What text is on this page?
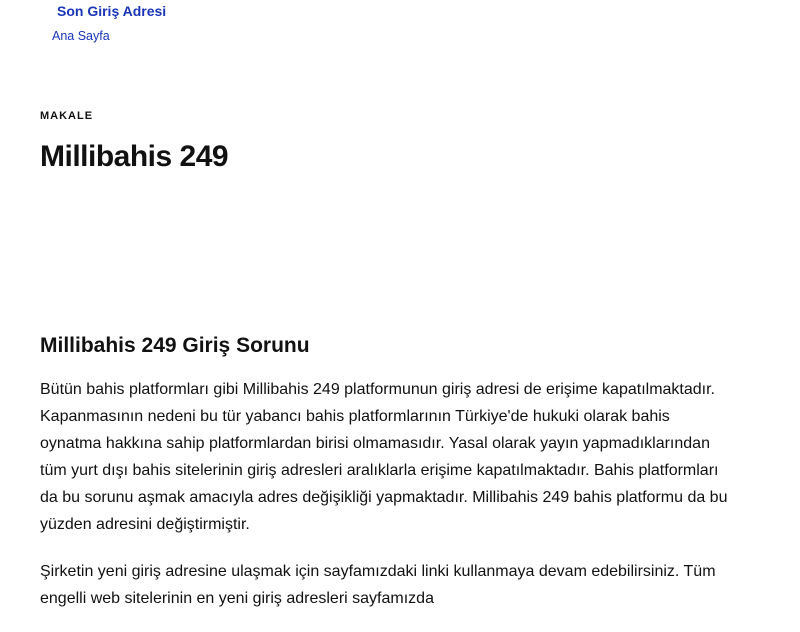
Son Giriş Adresi
Ana Sayfa
MAKALE
Millibahis 249
Millibahis 249 Giriş Sorunu

Bütün bahis platformları gibi Millibahis 249 platformunun giriş adresi de erişime kapatılmaktadır. Kapanmasının nedeni bu tür yabancı bahis platformlarının Türkiye'de hukuki olarak bahis oynatma hakkına sahip platformlardan birisi olmamasıdır. Yasal olarak yayın yapmadıklarından tüm yurt dışı bahis sitelerinin giriş adresleri aralıklarla erişime kapatılmaktadır. Bahis platformları da bu sorunu aşmak amacıyla adres değişikliği yapmaktadır. Millibahis 249 bahis platformu da bu yüzden adresini değiştirmiştir.

Şirketin yeni giriş adresine ulaşmak için sayfamızdaki linki kullanmaya devam edebilirsiniz. Tüm engelli web sitelerinin en yeni giriş adresleri sayfamızda
